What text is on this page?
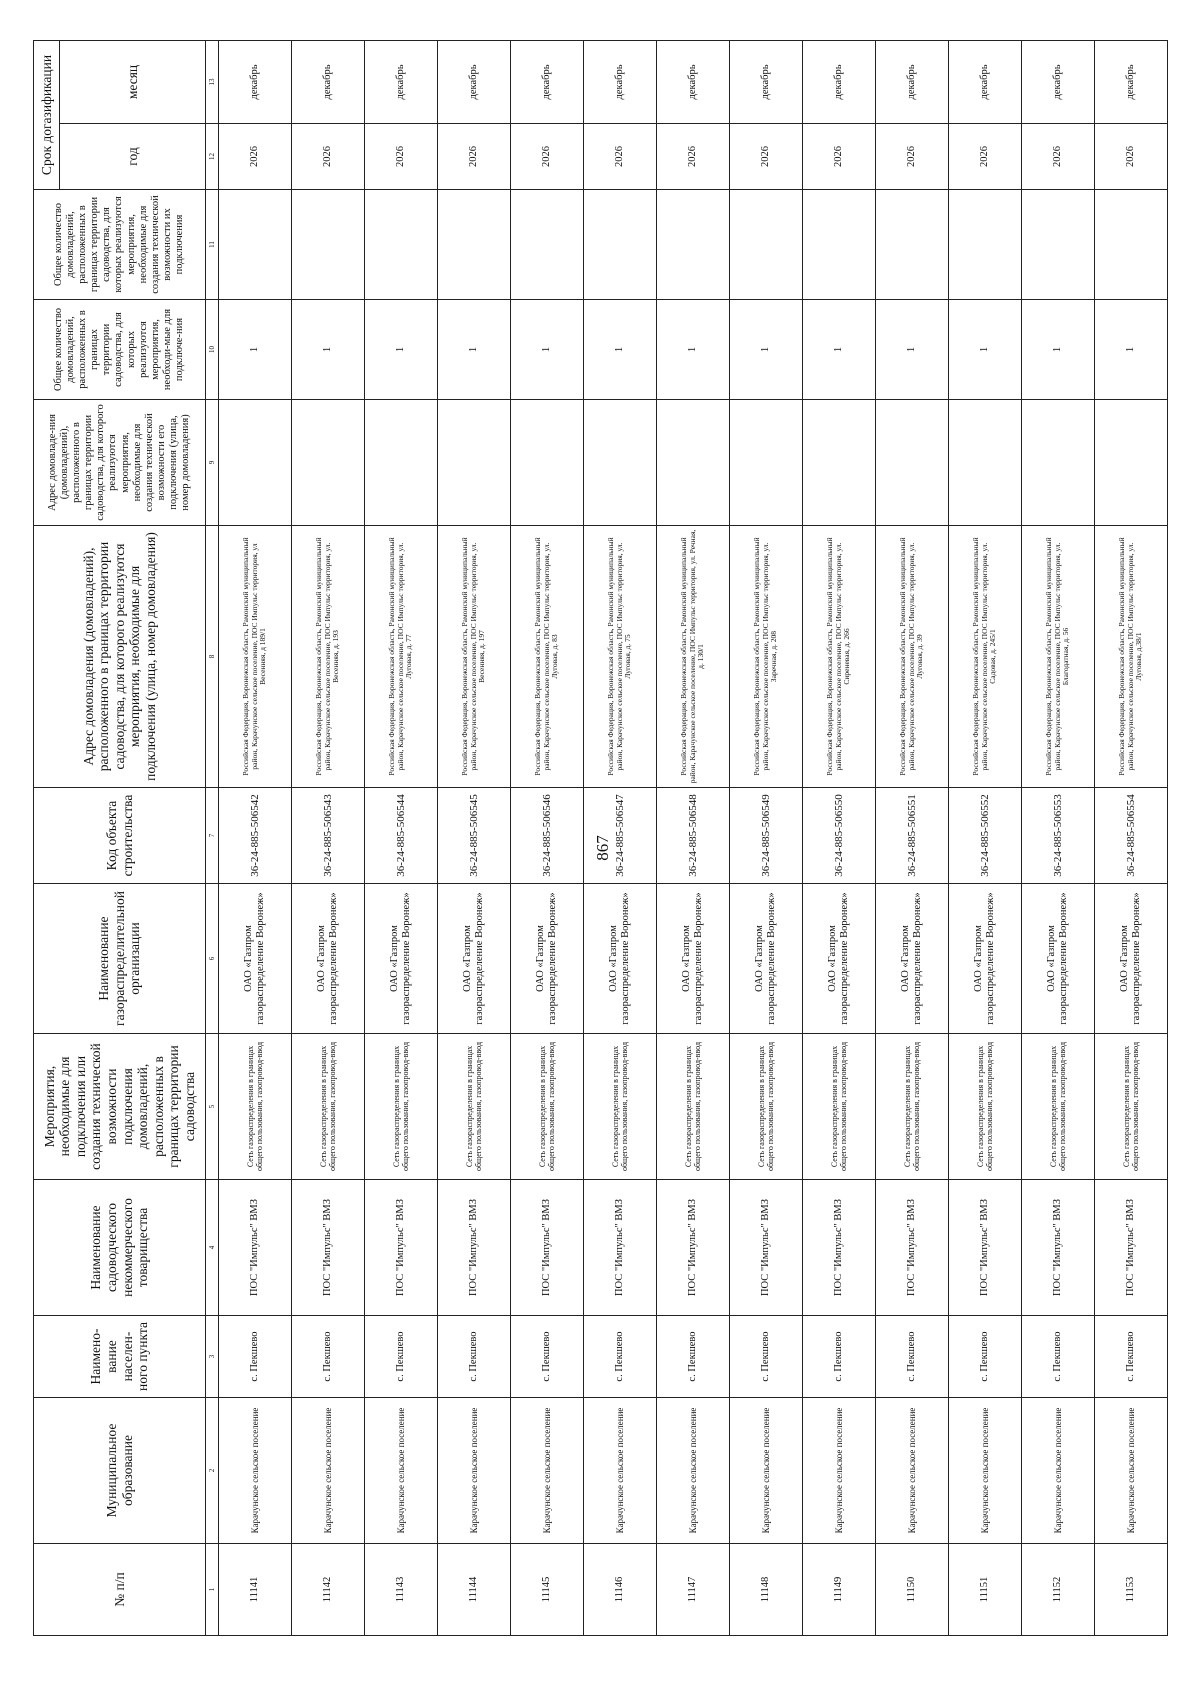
867
№ п/п	Муниципальное образование	Наимено-вание населен-ного пункта	Наименование садоводческого некоммерческого товарищества	Мероприятия, необходимые для подключения или создания технической возможности подключения домовладений, расположенных в границах территории садоводства	Наименование газораспределительной организации	Код объекта строительства	Адрес домовладения (домовладений), расположенного в границах территории садоводства, для которого реализуются мероприятия, необходимые для подключения (улица, номер домовладения)	Адрес домовладе-ния (домовладений), расположенного в границах территории садоводства, для которого реализуются мероприятия, необходимые для создания технической возможности его подключения (улица, номер домовладения)	Общее количество домовладений, расположенных в границах территории садоводства, для которых реализуются мероприятия, необходи-мые для подключе-ния	Общее количество домовладений, расположенных в границах территории садоводства, для которых реализуются мероприятия, необходимые для создания технической возможности их подключения	Срок догазификации	
											год	месяц
1	2	3	4	5	6	7	8	9	10	11	12	13
11141	Карачунское сельское поселение	с. Пекшево	ПОС "Импульс" ВМЗ	Сеть газораспределения в границах общего пользования, газопровод-ввод	ОАО «Газпром газораспределение Воронеж»	36-24-885-506542	Российская Федерация, Воронежская область, Рамонский муниципальный район, Карачунское сельское поселение, ПОС Импульс территория, ул Весенняя, д 189/1		1		2026	декабрь
11142	Карачунское сельское поселение	с. Пекшево	ПОС "Импульс" ВМЗ	Сеть газораспределения в границах общего пользования, газопровод-ввод	ОАО «Газпром газораспределение Воронеж»	36-24-885-506543	Российская Федерация, Воронежская область, Рамонский муниципальный район, Карачунское сельское поселение, ПОС Импульс территория, ул. Весенняя, д. 193		1		2026	декабрь
11143	Карачунское сельское поселение	с. Пекшево	ПОС "Импульс" ВМЗ	Сеть газораспределения в границах общего пользования, газопровод-ввод	ОАО «Газпром газораспределение Воронеж»	36-24-885-506544	Российская Федерация, Воронежская область, Рамонский муниципальный район, Карачунское сельское поселение, ПОС Импульс территория, ул. Луговая, д. 77		1		2026	декабрь
11144	Карачунское сельское поселение	с. Пекшево	ПОС "Импульс" ВМЗ	Сеть газораспределения в границах общего пользования, газопровод-ввод	ОАО «Газпром газораспределение Воронеж»	36-24-885-506545	Российская Федерация, Воронежская область, Рамонский муниципальный район, Карачунское сельское поселение, ПОС Импульс территория, ул. Весенняя, д. 197		1		2026	декабрь
11145	Карачунское сельское поселение	с. Пекшево	ПОС "Импульс" ВМЗ	Сеть газораспределения в границах общего пользования, газопровод-ввод	ОАО «Газпром газораспределение Воронеж»	36-24-885-506546	Российская Федерация, Воронежская область, Рамонский муниципальный район, Карачунское сельское поселение, ПОС Импульс территория, ул. Луговая, д. 83		1		2026	декабрь
11146	Карачунское сельское поселение	с. Пекшево	ПОС "Импульс" ВМЗ	Сеть газораспределения в границах общего пользования, газопровод-ввод	ОАО «Газпром газораспределение Воронеж»	36-24-885-506547	Российская Федерация, Воронежская область, Рамонский муниципальный район, Карачунское сельское поселение, ПОС Импульс территория, ул. Луговая, д. 75		1		2026	декабрь
11147	Карачунское сельское поселение	с. Пекшево	ПОС "Импульс" ВМЗ	Сеть газораспределения в границах общего пользования, газопровод-ввод	ОАО «Газпром газораспределение Воронеж»	36-24-885-506548	Российская Федерация, Воронежская область, Рамонский муниципальный район, Карачунское сельское поселение, ПОС Импульс территория, ул. Речная, д. 130/1		1		2026	декабрь
11148	Карачунское сельское поселение	с. Пекшево	ПОС "Импульс" ВМЗ	Сеть газораспределения в границах общего пользования, газопровод-ввод	ОАО «Газпром газораспределение Воронеж»	36-24-885-506549	Российская Федерация, Воронежская область, Рамонский муниципальный район, Карачунское сельское поселение, ПОС Импульс территория, ул. Заречная, д. 208		1		2026	декабрь
11149	Карачунское сельское поселение	с. Пекшево	ПОС "Импульс" ВМЗ	Сеть газораспределения в границах общего пользования, газопровод-ввод	ОАО «Газпром газораспределение Воронеж»	36-24-885-506550	Российская Федерация, Воронежская область, Рамонский муниципальный район, Карачунское сельское поселение, ПОС Импульс территория, ул. Сиреневая, д. 266		1		2026	декабрь
11150	Карачунское сельское поселение	с. Пекшево	ПОС "Импульс" ВМЗ	Сеть газораспределения в границах общего пользования, газопровод-ввод	ОАО «Газпром газораспределение Воронеж»	36-24-885-506551	Российская Федерация, Воронежская область, Рамонский муниципальный район, Карачунское сельское поселение, ПОС Импульс территория, ул. Луговая, д. 39		1		2026	декабрь
11151	Карачунское сельское поселение	с. Пекшево	ПОС "Импульс" ВМЗ	Сеть газораспределения в границах общего пользования, газопровод-ввод	ОАО «Газпром газораспределение Воронеж»	36-24-885-506552	Российская Федерация, Воронежская область, Рамонский муниципальный район, Карачунское сельское поселение, ПОС Импульс территория, ул. Садовая, д. 245/1		1		2026	декабрь
11152	Карачунское сельское поселение	с. Пекшево	ПОС "Импульс" ВМЗ	Сеть газораспределения в границах общего пользования, газопровод-ввод	ОАО «Газпром газораспределение Воронеж»	36-24-885-506553	Российская Федерация, Воронежская область, Рамонский муниципальный район, Карачунское сельское поселение, ПОС Импульс территория, ул. Благодатная, д. 56		1		2026	декабрь
11153	Карачунское сельское поселение	с. Пекшево	ПОС "Импульс" ВМЗ	Сеть газораспределения в границах общего пользования, газопровод-ввод	ОАО «Газпром газораспределение Воронеж»	36-24-885-506554	Российская Федерация, Воронежская область, Рамонский муниципальный район, Карачунское сельское поселение, ПОС Импульс территория, ул. Луговая, д.38/1		1		2026	декабрь
